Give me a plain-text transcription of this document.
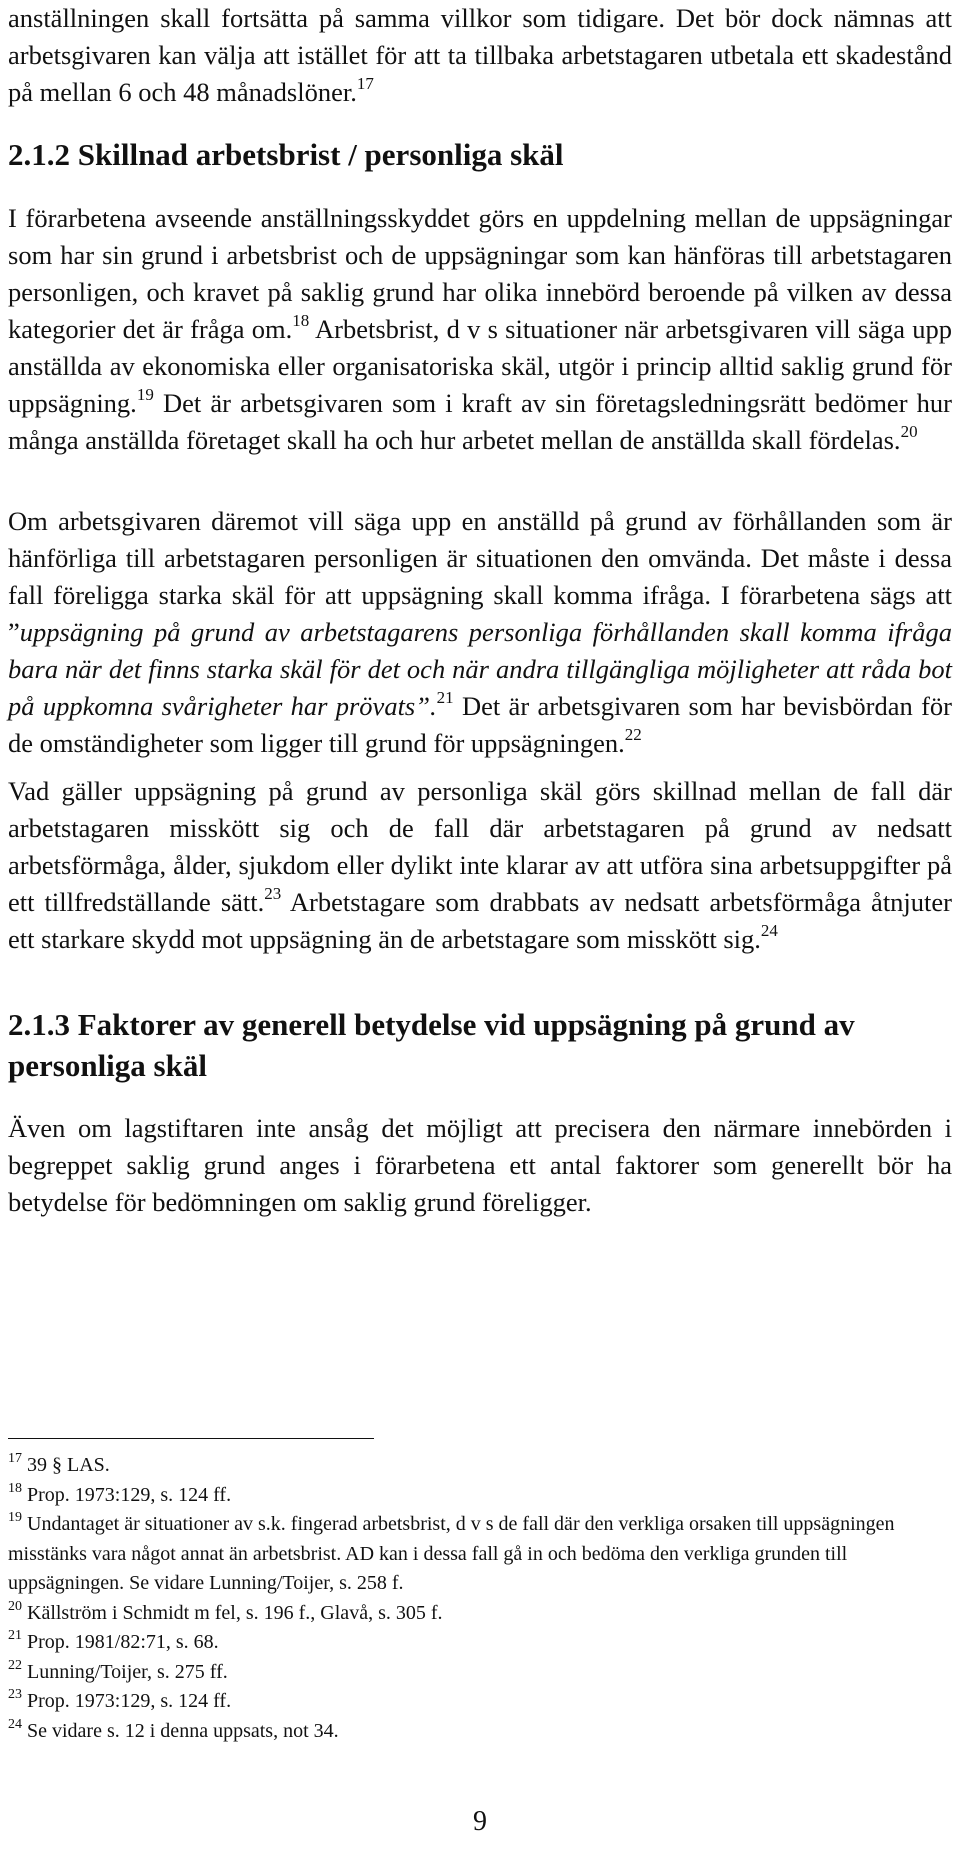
anställningen skall fortsätta på samma villkor som tidigare. Det bör dock nämnas att arbetsgivaren kan välja att istället för att ta tillbaka arbetstagaren utbetala ett skadestånd på mellan 6 och 48 månadslöner.$^{17}$

2.1.2 Skillnad arbetsbrist / personliga skäl

I förarbetena avseende anställningsskyddet görs en uppdelning mellan de uppsägningar som har sin grund i arbetsbrist och de uppsägningar som kan hänföras till arbetstagaren personligen, och kravet på saklig grund har olika innebörd beroende på vilken av dessa kategorier det är fråga om.$^{18}$ Arbetsbrist, d v s situationer när arbetsgivaren vill säga upp anställda av ekonomiska eller organisatoriska skäl, utgör i princip alltid saklig grund för uppsägning.$^{19}$ Det är arbetsgivaren som i kraft av sin företagsledningsrätt bedömer hur många anställda företaget skall ha och hur arbetet mellan de anställda skall fördelas.$^{20}$

Om arbetsgivaren däremot vill säga upp en anställd på grund av förhållanden som är hänförliga till arbetstagaren personligen är situationen den omvända. Det måste i dessa fall föreligga starka skäl för att uppsägning skall komma ifråga. I förarbetena sägs att ”uppsägning på grund av arbetstagarens personliga förhållanden skall komma ifråga bara när det finns starka skäl för det och när andra tillgängliga möjligheter att råda bot på uppkomna svårigheter har prövats”.$^{21}$ Det är arbetsgivaren som har bevisbördan för de omständigheter som ligger till grund för uppsägningen.$^{22}$

Vad gäller uppsägning på grund av personliga skäl görs skillnad mellan de fall där arbetstagaren misskött sig och de fall där arbetstagaren på grund av nedsatt arbetsförmåga, ålder, sjukdom eller dylikt inte klarar av att utföra sina arbetsuppgifter på ett tillfredställande sätt.$^{23}$ Arbetstagare som drabbats av nedsatt arbetsförmåga åtnjuter ett starkare skydd mot uppsägning än de arbetstagare som misskött sig.$^{24}$

2.1.3 Faktorer av generell betydelse vid uppsägning på grund av personliga skäl

Även om lagstiftaren inte ansåg det möjligt att precisera den närmare innebörden i begreppet saklig grund anges i förarbetena ett antal faktorer som generellt bör ha betydelse för bedömningen om saklig grund föreligger.

$^{17}$ 39 § LAS.
$^{18}$ Prop. 1973:129, s. 124 ff.
$^{19}$ Undantaget är situationer av s.k. fingerad arbetsbrist, d v s de fall där den verkliga orsaken till uppsägningen misstänks vara något annat än arbetsbrist. AD kan i dessa fall gå in och bedöma den verkliga grunden till uppsägningen. Se vidare Lunning/Toijer, s. 258 f.
$^{20}$ Källström i Schmidt m fel, s. 196 f., Glavå, s. 305 f.
$^{21}$ Prop. 1981/82:71, s. 68.
$^{22}$ Lunning/Toijer, s. 275 ff.
$^{23}$ Prop. 1973:129, s. 124 ff.
$^{24}$ Se vidare s. 12 i denna uppsats, not 34.
9
